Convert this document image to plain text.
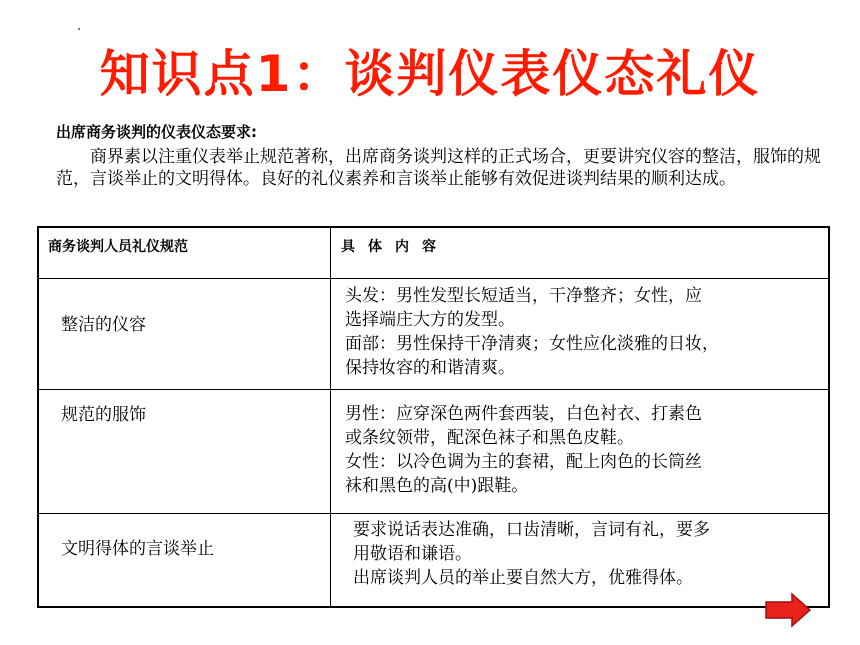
知识点1：谈判仪表仪态礼仪
出席商务谈判的仪表仪态要求:
商界素以注重仪表举止规范著称，出席商务谈判这样的正式场合，更要讲究仪容的整洁，服饰的规范，言谈举止的文明得体。良好的礼仪素养和言谈举止能够有效促进谈判结果的顺利达成。
商务谈判人员礼仪规范	具体内容
整洁的仪容
头发：男性发型长短适当，干净整齐；女性，应
选择端庄大方的发型。
面部：男性保持干净清爽；女性应化淡雅的日妆，
保持妆容的和谐清爽。
规范的服饰	男性：应穿深色两件套西装，白色衬衣、打素色
或条纹领带，配深色袜子和黑色皮鞋。
女性：以冷色调为主的套裙，配上肉色的长筒丝
袜和黑色的高(中)跟鞋。
文明得体的言谈举止
要求说话表达准确，口齿清晰，言词有礼，要多
用敬语和谦语。
出席谈判人员的举止要自然大方，优雅得体。
